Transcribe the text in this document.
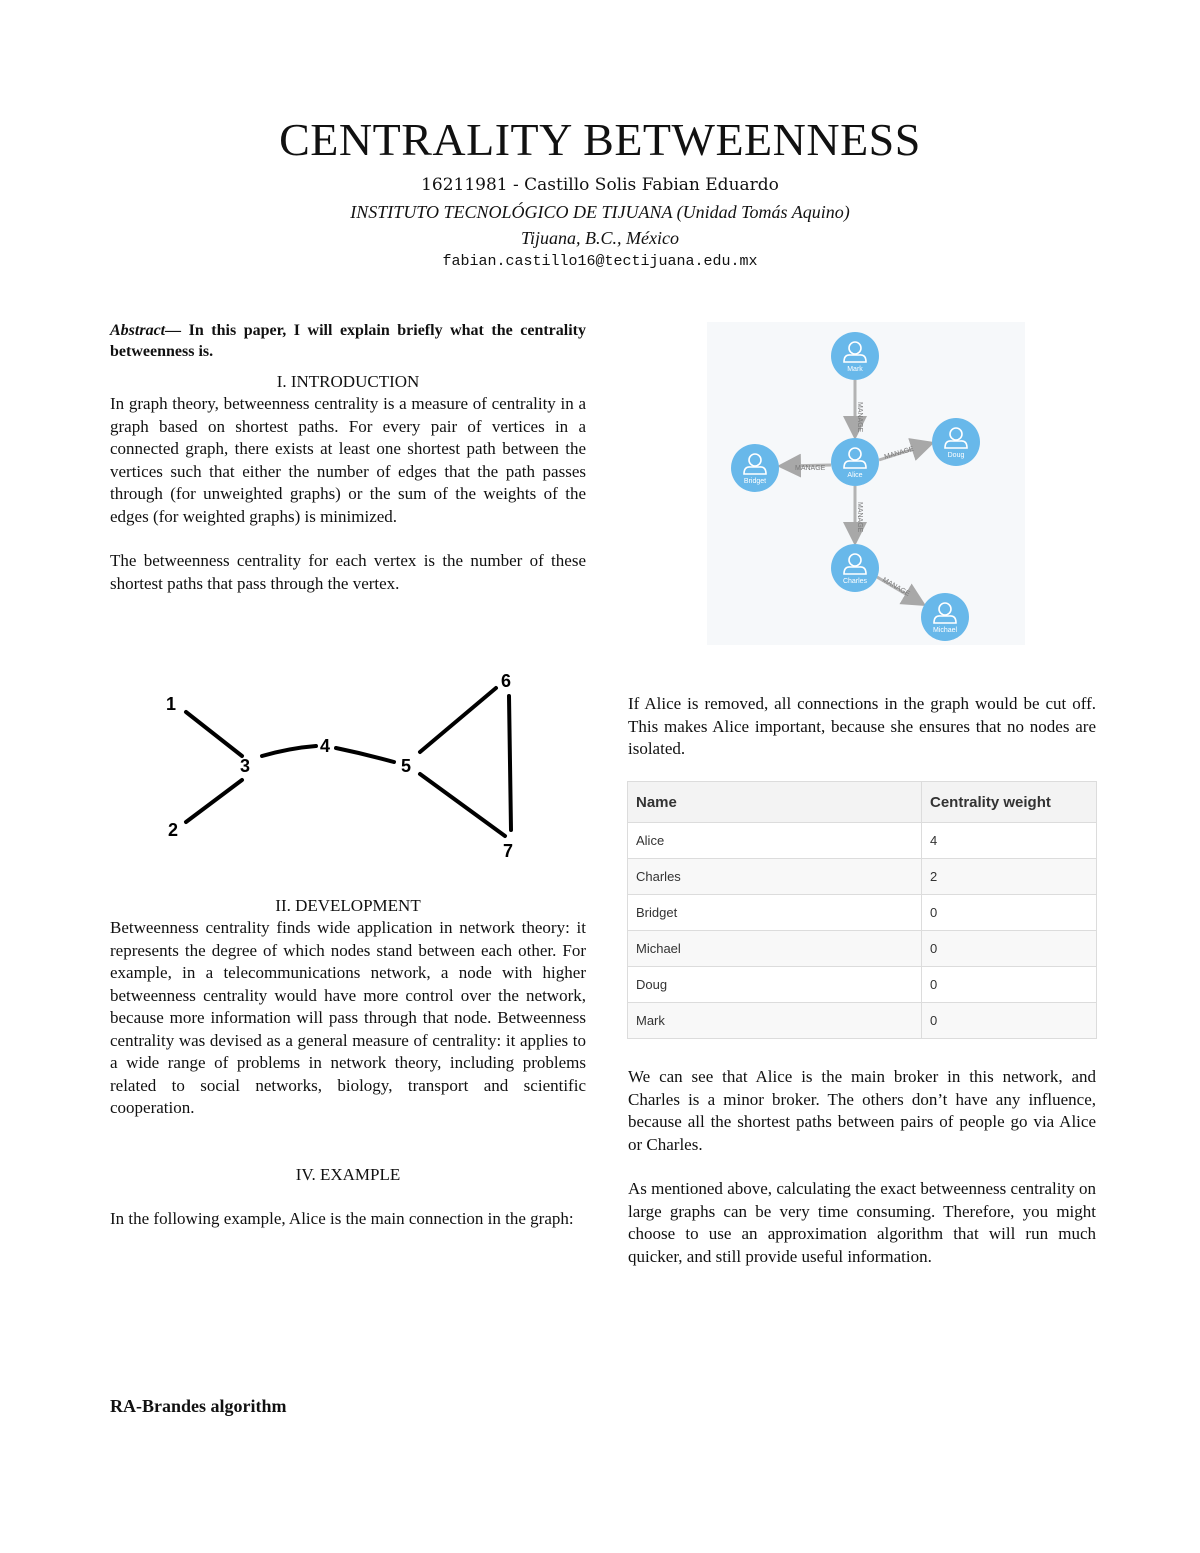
CENTRALITY BETWEENNESS
16211981 - Castillo Solis Fabian Eduardo
INSTITUTO TECNOLÓGICO DE TIJUANA (Unidad Tomás Aquino)
Tijuana, B.C., México
fabian.castillo16@tectijuana.edu.mx

Abstract— In this paper, I will explain briefly what the centrality betweenness is.

I. INTRODUCTION

In graph theory, betweenness centrality is a measure of centrality in a graph based on shortest paths. For every pair of vertices in a connected graph, there exists at least one shortest path between the vertices such that either the number of edges that the path passes through (for unweighted graphs) or the sum of the weights of the edges (for weighted graphs) is minimized.

The betweenness centrality for each vertex is the number of these shortest paths that pass through the vertex.

1
2
3
4
5
6
7

II. DEVELOPMENT

Betweenness centrality finds wide application in network theory: it represents the degree of which nodes stand between each other. For example, in a telecommunications network, a node with higher betweenness centrality would have more control over the network, because more information will pass through that node. Betweenness centrality was devised as a general measure of centrality: it applies to a wide range of problems in network theory, including problems related to social networks, biology, transport and scientific cooperation.

IV. EXAMPLE

In the following example, Alice is the main connection in the graph:

MANAGE
MANAGE
MANAGE
MANAGE
MANAGE
Mark
Alice
Doug
Bridget
Charles
Michael

If Alice is removed, all connections in the graph would be cut off. This makes Alice important, because she ensures that no nodes are isolated.

Name	Centrality weight
Alice	4
Charles	2
Bridget	0
Michael	0
Doug	0
Mark	0

We can see that Alice is the main broker in this network, and Charles is a minor broker. The others don’t have any influence, because all the shortest paths between pairs of people go via Alice or Charles.

As mentioned above, calculating the exact betweenness centrality on large graphs can be very time consuming. Therefore, you might choose to use an approximation algorithm that will run much quicker, and still provide useful information.

RA-Brandes algorithm
